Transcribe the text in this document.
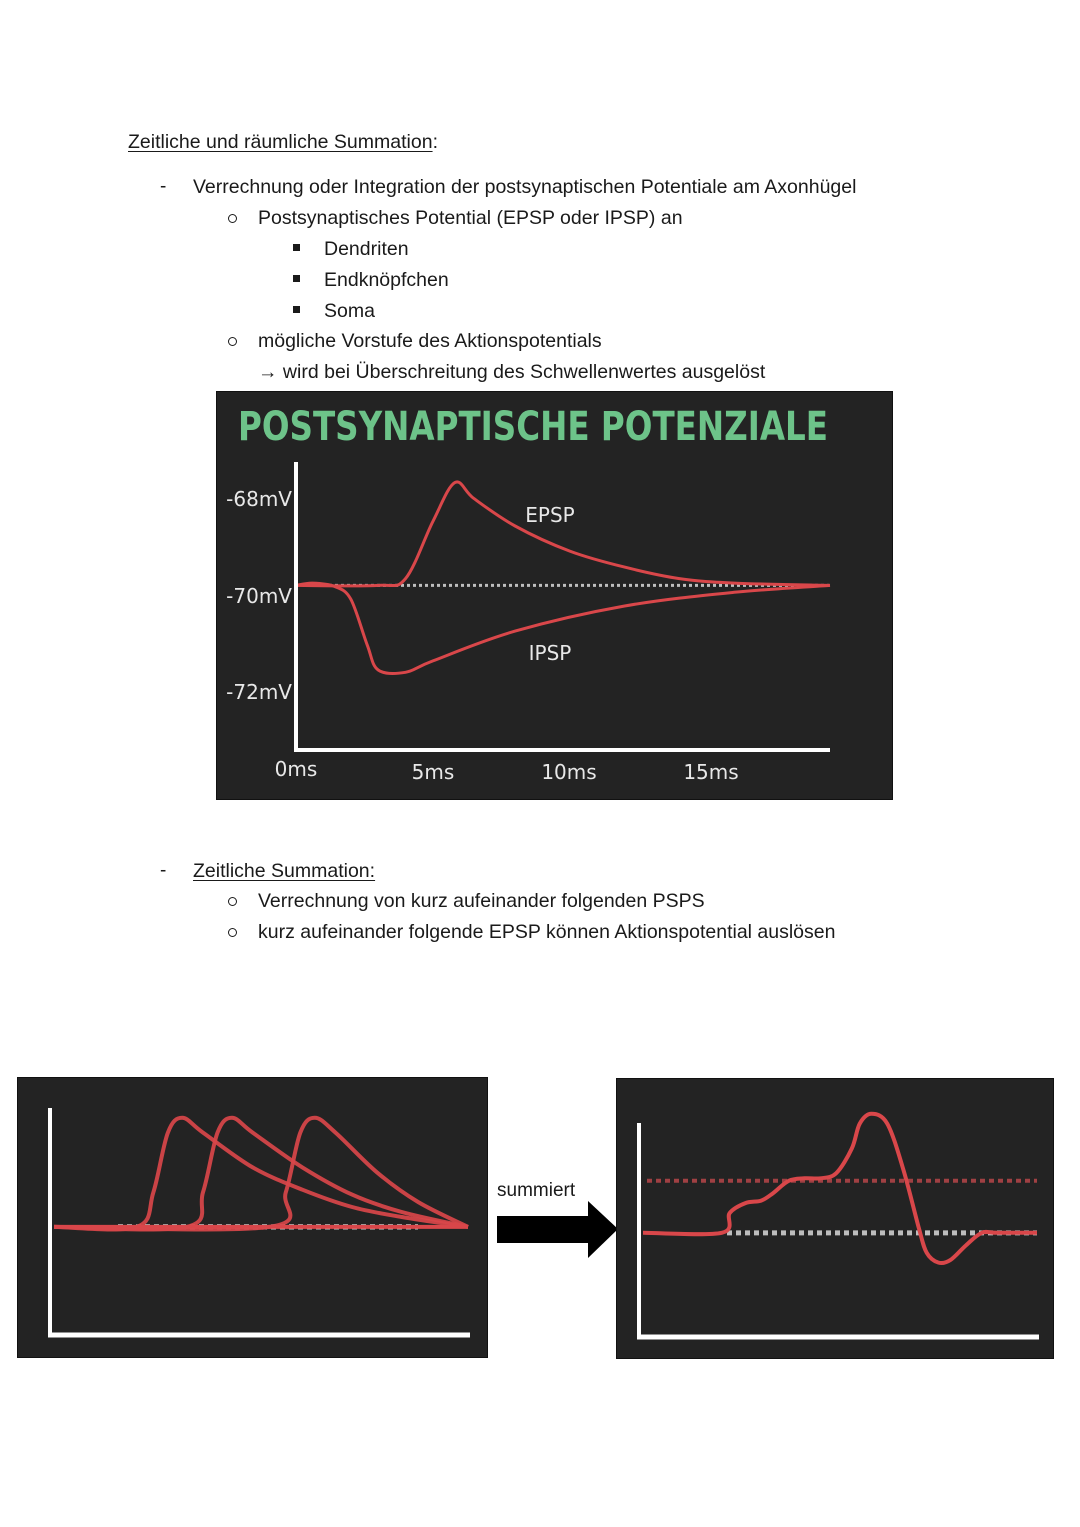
Zeitliche und räumliche Summation:
- Verrechnung oder Integration der postsynaptischen Potentiale am Axonhügel
Postsynaptisches Potential (EPSP oder IPSP) an
Dendriten
Endknöpfchen
Soma
mögliche Vorstufe des Aktionspotentials
→ wird bei Überschreitung des Schwellenwertes ausgelöst
POSTSYNAPTISCHE POTENZIALE
-68mV
-70mV
-72mV
0ms	5ms	10ms	15ms
EPSP
IPSP
- Zeitliche Summation:
Verrechnung von kurz aufeinander folgenden PSPS
kurz aufeinander folgende EPSP können Aktionspotential auslösen
summiert
